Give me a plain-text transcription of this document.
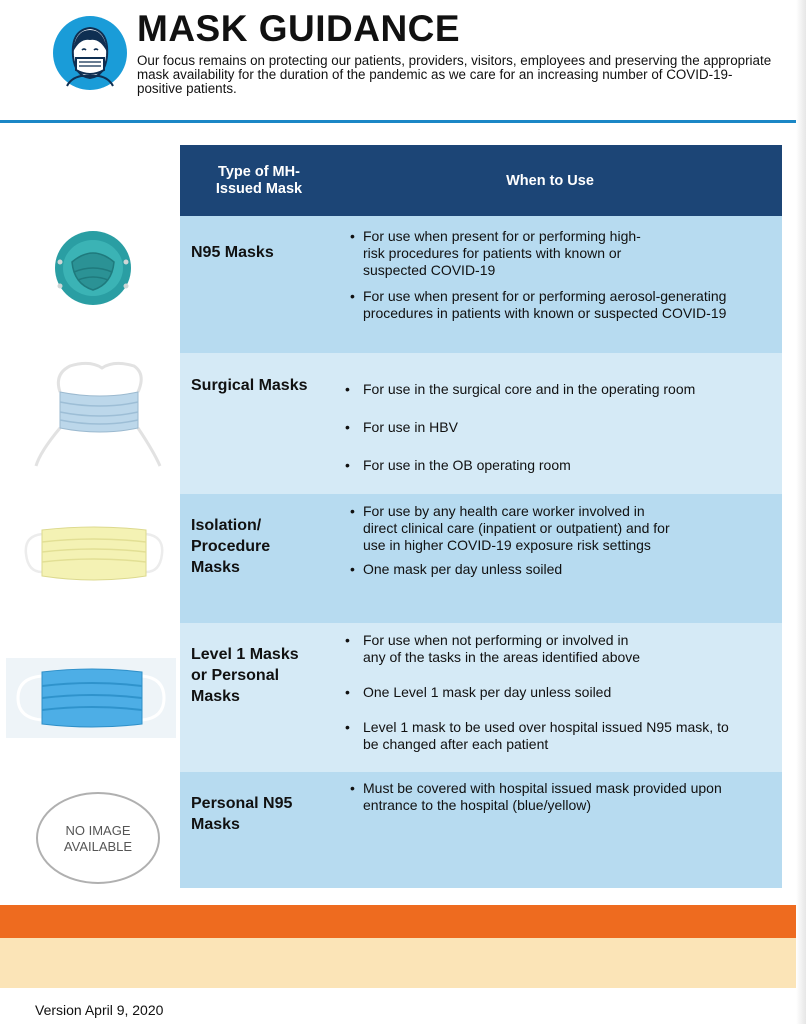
MASK GUIDANCE

Our focus remains on protecting our patients, providers, visitors, employees and preserving the appropriate mask availability for the duration of the pandemic as we care for an increasing number of COVID-19-positive patients.

NO IMAGE
AVAILABLE
Type of MH-
Issued Mask	When to Use
N95 Masks
• For use when present for or performing high-
risk procedures for patients with known or
suspected COVID-19
• For use when present for or performing aerosol-generating
procedures in patients with known or suspected COVID-19
Surgical Masks
•	For use in the surgical core and in the operating room
• For use in HBV
• For use in the OB operating room
Isolation/
Procedure
Masks
• For use by any health care worker involved in
direct clinical care (inpatient or outpatient) and for
use in higher COVID-19 exposure risk settings
• One mask per day unless soiled
Level 1 Masks
or Personal
Masks
• For use when not performing or involved in
any of the tasks in the areas identified above
• One Level 1 mask per day unless soiled
• Level 1 mask to be used over hospital issued N95 mask, to
be changed after each patient
Personal N95
Masks
• Must be covered with hospital issued mask provided upon
entrance to the hospital (blue/yellow)
Version April 9, 2020
